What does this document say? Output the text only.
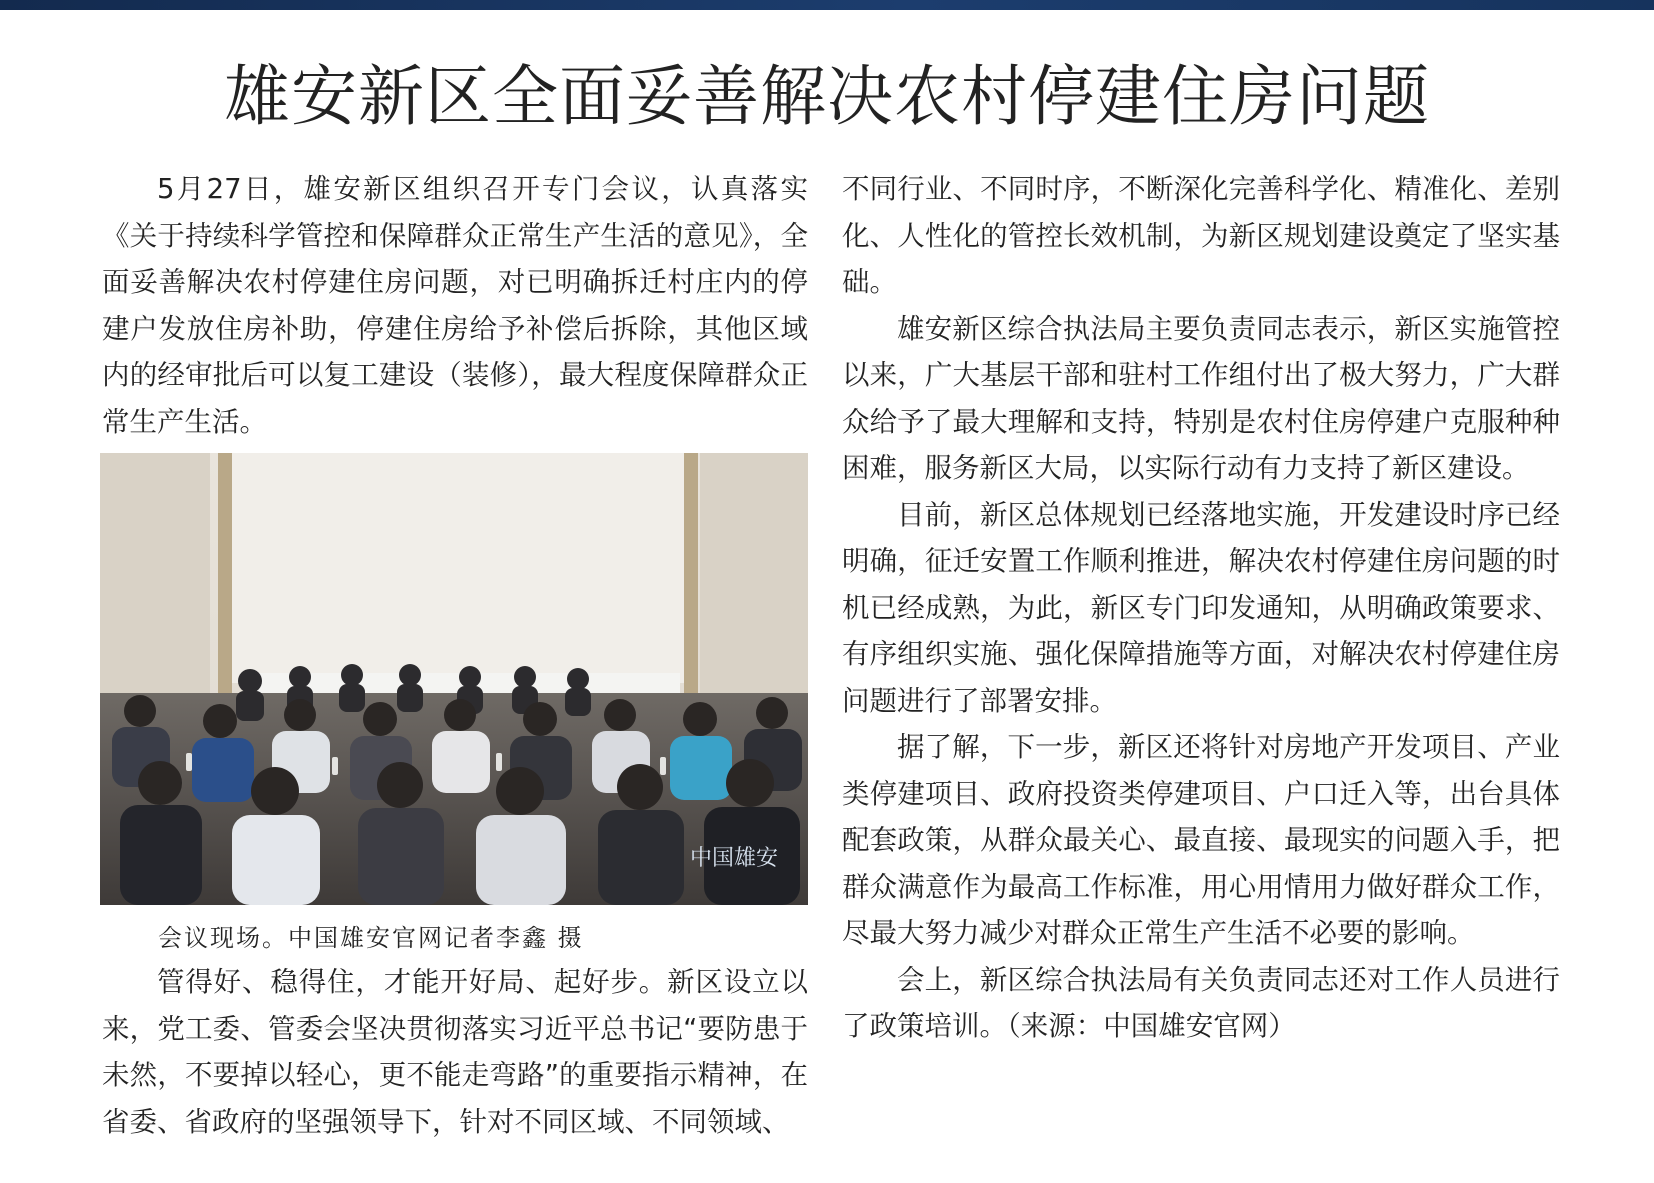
雄安新区全面妥善解决农村停建住房问题

5月27日，雄安新区组织召开专门会议，认真落实《关于持续科学管控和保障群众正常生产生活的意见》，全面妥善解决农村停建住房问题，对已明确拆迁村庄内的停建户发放住房补助，停建住房给予补偿后拆除，其他区域内的经审批后可以复工建设（装修），最大程度保障群众正常生产生活。

中国雄安
会议现场。中国雄安官网记者李鑫 摄

管得好、稳得住，才能开好局、起好步。新区设立以来，党工委、管委会坚决贯彻落实习近平总书记“要防患于未然，不要掉以轻心，更不能走弯路”的重要指示精神，在省委、省政府的坚强领导下，针对不同区域、不同领域、

不同行业、不同时序，不断深化完善科学化、精准化、差别化、人性化的管控长效机制，为新区规划建设奠定了坚实基础。

雄安新区综合执法局主要负责同志表示，新区实施管控以来，广大基层干部和驻村工作组付出了极大努力，广大群众给予了最大理解和支持，特别是农村住房停建户克服种种困难，服务新区大局，以实际行动有力支持了新区建设。

目前，新区总体规划已经落地实施，开发建设时序已经明确，征迁安置工作顺利推进，解决农村停建住房问题的时机已经成熟，为此，新区专门印发通知，从明确政策要求、有序组织实施、强化保障措施等方面，对解决农村停建住房问题进行了部署安排。

据了解，下一步，新区还将针对房地产开发项目、产业类停建项目、政府投资类停建项目、户口迁入等，出台具体配套政策，从群众最关心、最直接、最现实的问题入手，把群众满意作为最高工作标准，用心用情用力做好群众工作，尽最大努力减少对群众正常生产生活不必要的影响。

会上，新区综合执法局有关负责同志还对工作人员进行了政策培训。（来源：中国雄安官网）
